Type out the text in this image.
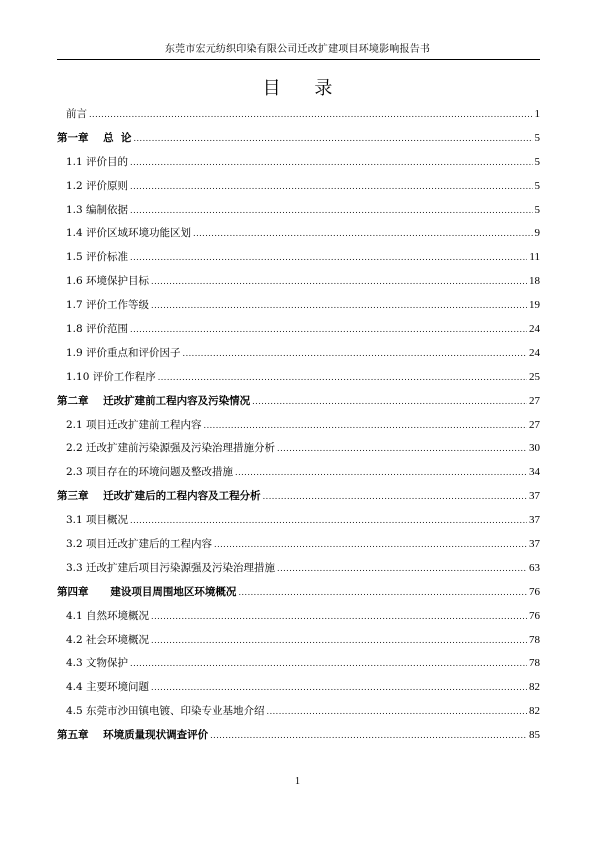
东莞市宏元纺织印染有限公司迁改扩建项目环境影响报告书
目 录
前言 .....	1
第一章    总  论 .....	5
1.1 评价目的 .....	5
1.2 评价原则 .....	5
1.3 编制依据 .....	5
1.4 评价区域环境功能区划 .....	9
1.5 评价标准 .....	11
1.6 环境保护目标 .....	18
1.7 评价工作等级 .....	19
1.8 评价范围 .....	24
1.9 评价重点和评价因子 .....	24
1.10 评价工作程序 .....	25
第二章    迁改扩建前工程内容及污染情况 .....	27
2.1 项目迁改扩建前工程内容 .....	27
2.2 迁改扩建前污染源强及污染治理措施分析 .....	30
2.3 项目存在的环境问题及整改措施 .....	34
第三章    迁改扩建后的工程内容及工程分析 .....	37
3.1 项目概况 .....	37
3.2 项目迁改扩建后的工程内容 .....	37
3.3 迁改扩建后项目污染源强及污染治理措施 .....	63
第四章      建设项目周围地区环境概况 .....	76
4.1 自然环境概况 .....	76
4.2 社会环境概况 .....	78
4.3 文物保护 .....	78
4.4 主要环境问题 .....	82
4.5 东莞市沙田镇电镀、印染专业基地介绍 .....	82
第五章    环境质量现状调查评价 .....	85
1
